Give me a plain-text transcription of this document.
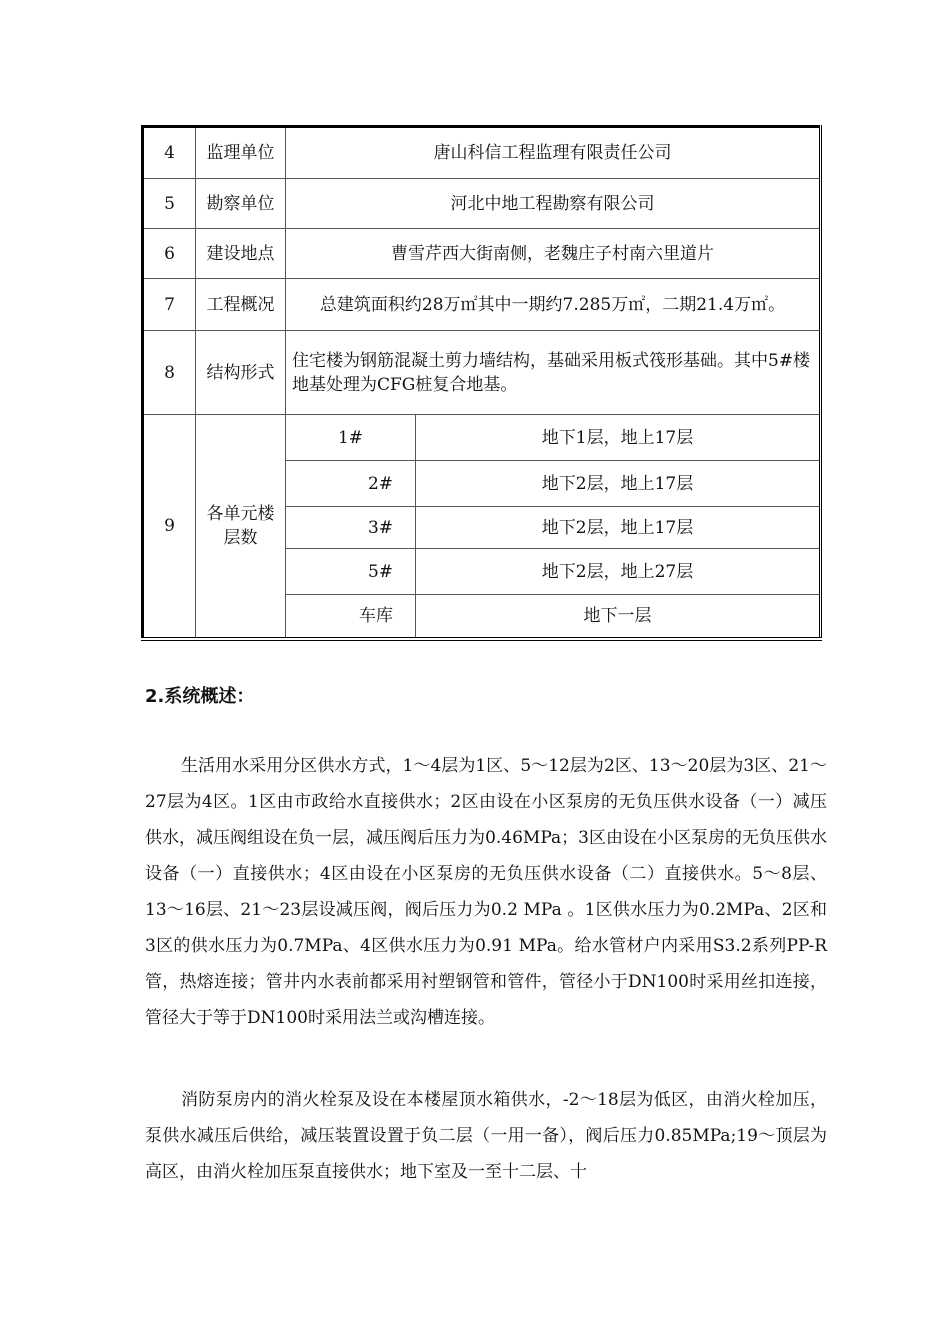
4	监理单位	唐山科信工程监理有限责任公司	
5	勘察单位	河北中地工程勘察有限公司	
6	建设地点	曹雪芹西大街南侧，老魏庄子村南六里道片	
7	工程概况	总建筑面积约28万㎡其中一期约7.285万㎡，二期21.4万㎡。	
8	结构形式	住宅楼为钢筋混凝土剪力墙结构，基础采用板式筏形基础。其中5#楼地基处理为CFG桩复合地基。	
9	各单元楼层数	1#	地下1层，地上17层
		2#	地下2层，地上17层
		3#	地下2层，地上17层
		5#	地下2层，地上27层
		车库	地下一层
2.系统概述：

生活用水采用分区供水方式，1～4层为1区、5～12层为2区、13～20层为3区、21～27层为4区。1区由市政给水直接供水；2区由设在小区泵房的无负压供水设备（一）减压供水，减压阀组设在负一层，减压阀后压力为0.46MPa；3区由设在小区泵房的无负压供水设备（一）直接供水；4区由设在小区泵房的无负压供水设备（二）直接供水。5～8层、13～16层、21～23层设减压阀，阀后压力为0.2 MPa 。1区供水压力为0.2MPa、2区和3区的供水压力为0.7MPa、4区供水压力为0.91 MPa。给水管材户内采用S3.2系列PP-R管，热熔连接；管井内水表前都采用衬塑钢管和管件，管径小于DN100时采用丝扣连接，管径大于等于DN100时采用法兰或沟槽连接。

消防泵房内的消火栓泵及设在本楼屋顶水箱供水，-2～18层为低区，由消火栓加压，泵供水减压后供给，减压装置设置于负二层（一用一备），阀后压力0.85MPa;19～顶层为高区，由消火栓加压泵直接供水；地下室及一至十二层、十
